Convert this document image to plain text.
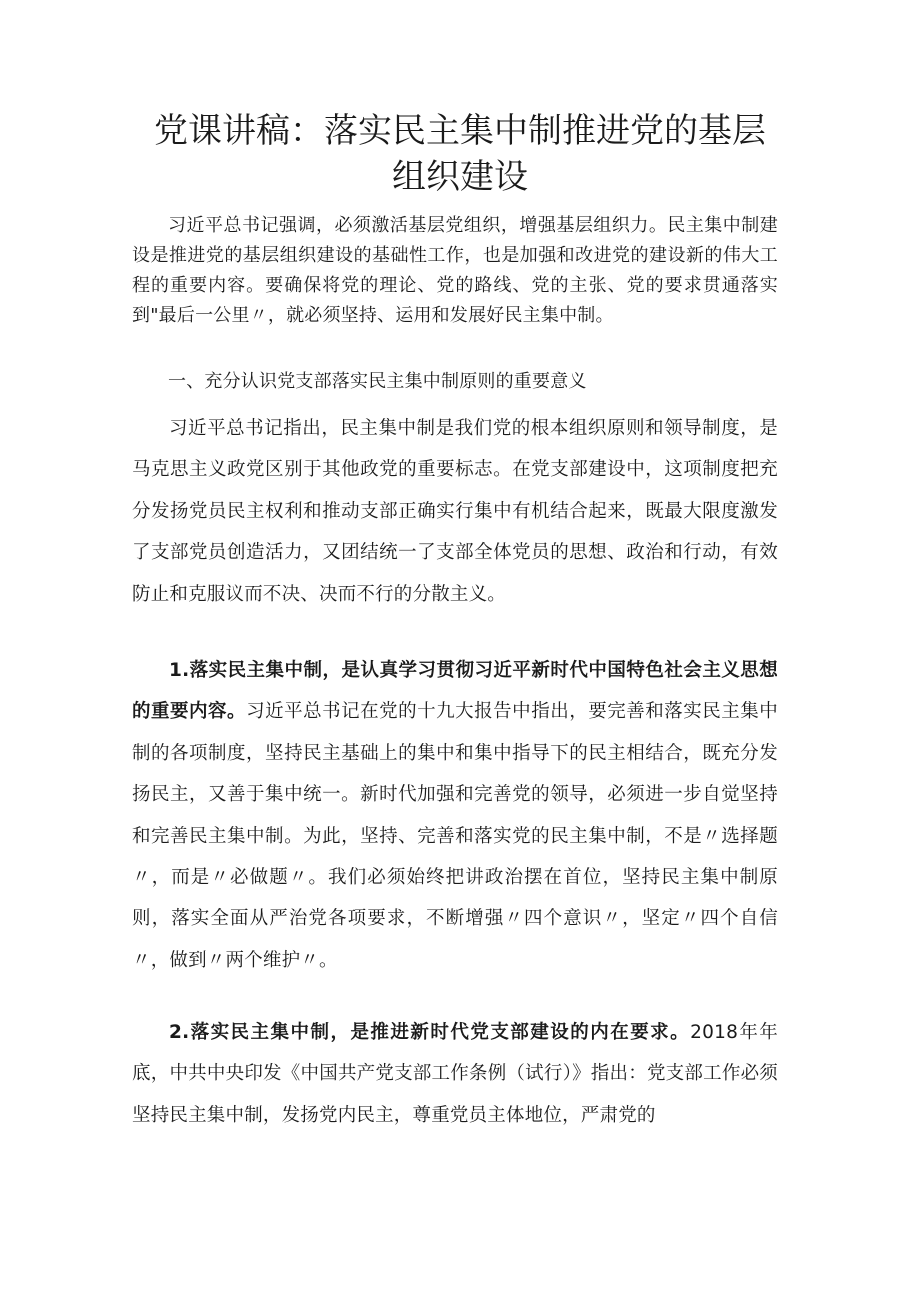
党课讲稿：落实民主集中制推进党的基层
组织建设

习近平总书记强调，必须激活基层党组织，增强基层组织力。民主集中制建设是推进党的基层组织建设的基础性工作，也是加强和改进党的建设新的伟大工程的重要内容。要确保将党的理论、党的路线、党的主张、党的要求贯通落实到"最后一公里〃，就必须坚持、运用和发展好民主集中制。

一、充分认识党支部落实民主集中制原则的重要意义

习近平总书记指出，民主集中制是我们党的根本组织原则和领导制度，是马克思主义政党区别于其他政党的重要标志。在党支部建设中，这项制度把充分发扬党员民主权利和推动支部正确实行集中有机结合起来，既最大限度激发了支部党员创造活力，又团结统一了支部全体党员的思想、政治和行动，有效防止和克服议而不决、决而不行的分散主义。

1.落实民主集中制，是认真学习贯彻习近平新时代中国特色社会主义思想的重要内容。习近平总书记在党的十九大报告中指出，要完善和落实民主集中制的各项制度，坚持民主基础上的集中和集中指导下的民主相结合，既充分发扬民主，又善于集中统一。新时代加强和完善党的领导，必须进一步自觉坚持和完善民主集中制。为此，坚持、完善和落实党的民主集中制，不是〃选择题〃，而是〃必做题〃。我们必须始终把讲政治摆在首位，坚持民主集中制原则，落实全面从严治党各项要求，不断增强〃四个意识〃，坚定〃四个自信〃，做到〃两个维护〃。

2.落实民主集中制，是推进新时代党支部建设的内在要求。2018年年底，中共中央印发《中国共产党支部工作条例（试行）》指出：党支部工作必须坚持民主集中制，发扬党内民主，尊重党员主体地位，严肃党的
